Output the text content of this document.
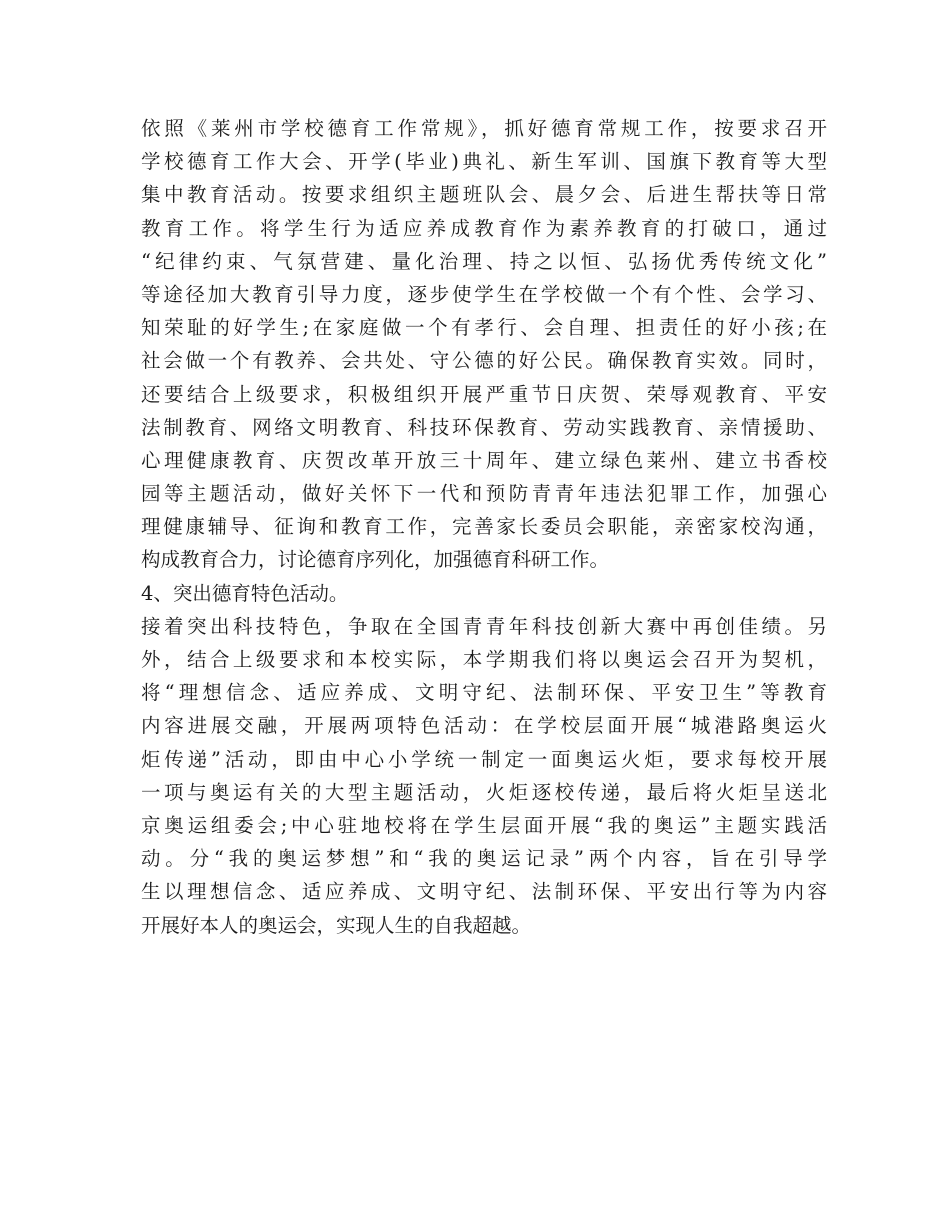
依照《莱州市学校德育工作常规》，抓好德育常规工作，按要求召开
学校德育工作大会、开学(毕业)典礼、新生军训、国旗下教育等大型
集中教育活动。按要求组织主题班队会、晨夕会、后进生帮扶等日常
教育工作。将学生行为适应养成教育作为素养教育的打破口，通过
“纪律约束、气氛营建、量化治理、持之以恒、弘扬优秀传统文化”
等途径加大教育引导力度，逐步使学生在学校做一个有个性、会学习、
知荣耻的好学生;在家庭做一个有孝行、会自理、担责任的好小孩;在
社会做一个有教养、会共处、守公德的好公民。确保教育实效。同时，
还要结合上级要求，积极组织开展严重节日庆贺、荣辱观教育、平安
法制教育、网络文明教育、科技环保教育、劳动实践教育、亲情援助、
心理健康教育、庆贺改革开放三十周年、建立绿色莱州、建立书香校
园等主题活动，做好关怀下一代和预防青青年违法犯罪工作，加强心
理健康辅导、征询和教育工作，完善家长委员会职能，亲密家校沟通，
构成教育合力，讨论德育序列化，加强德育科研工作。
4、突出德育特色活动。
接着突出科技特色，争取在全国青青年科技创新大赛中再创佳绩。另
外，结合上级要求和本校实际，本学期我们将以奥运会召开为契机，
将“理想信念、适应养成、文明守纪、法制环保、平安卫生”等教育
内容进展交融，开展两项特色活动：在学校层面开展“城港路奥运火
炬传递”活动，即由中心小学统一制定一面奥运火炬，要求每校开展
一项与奥运有关的大型主题活动，火炬逐校传递，最后将火炬呈送北
京奥运组委会;中心驻地校将在学生层面开展“我的奥运”主题实践活
动。分“我的奥运梦想”和“我的奥运记录”两个内容，旨在引导学
生以理想信念、适应养成、文明守纪、法制环保、平安出行等为内容
开展好本人的奥运会，实现人生的自我超越。
